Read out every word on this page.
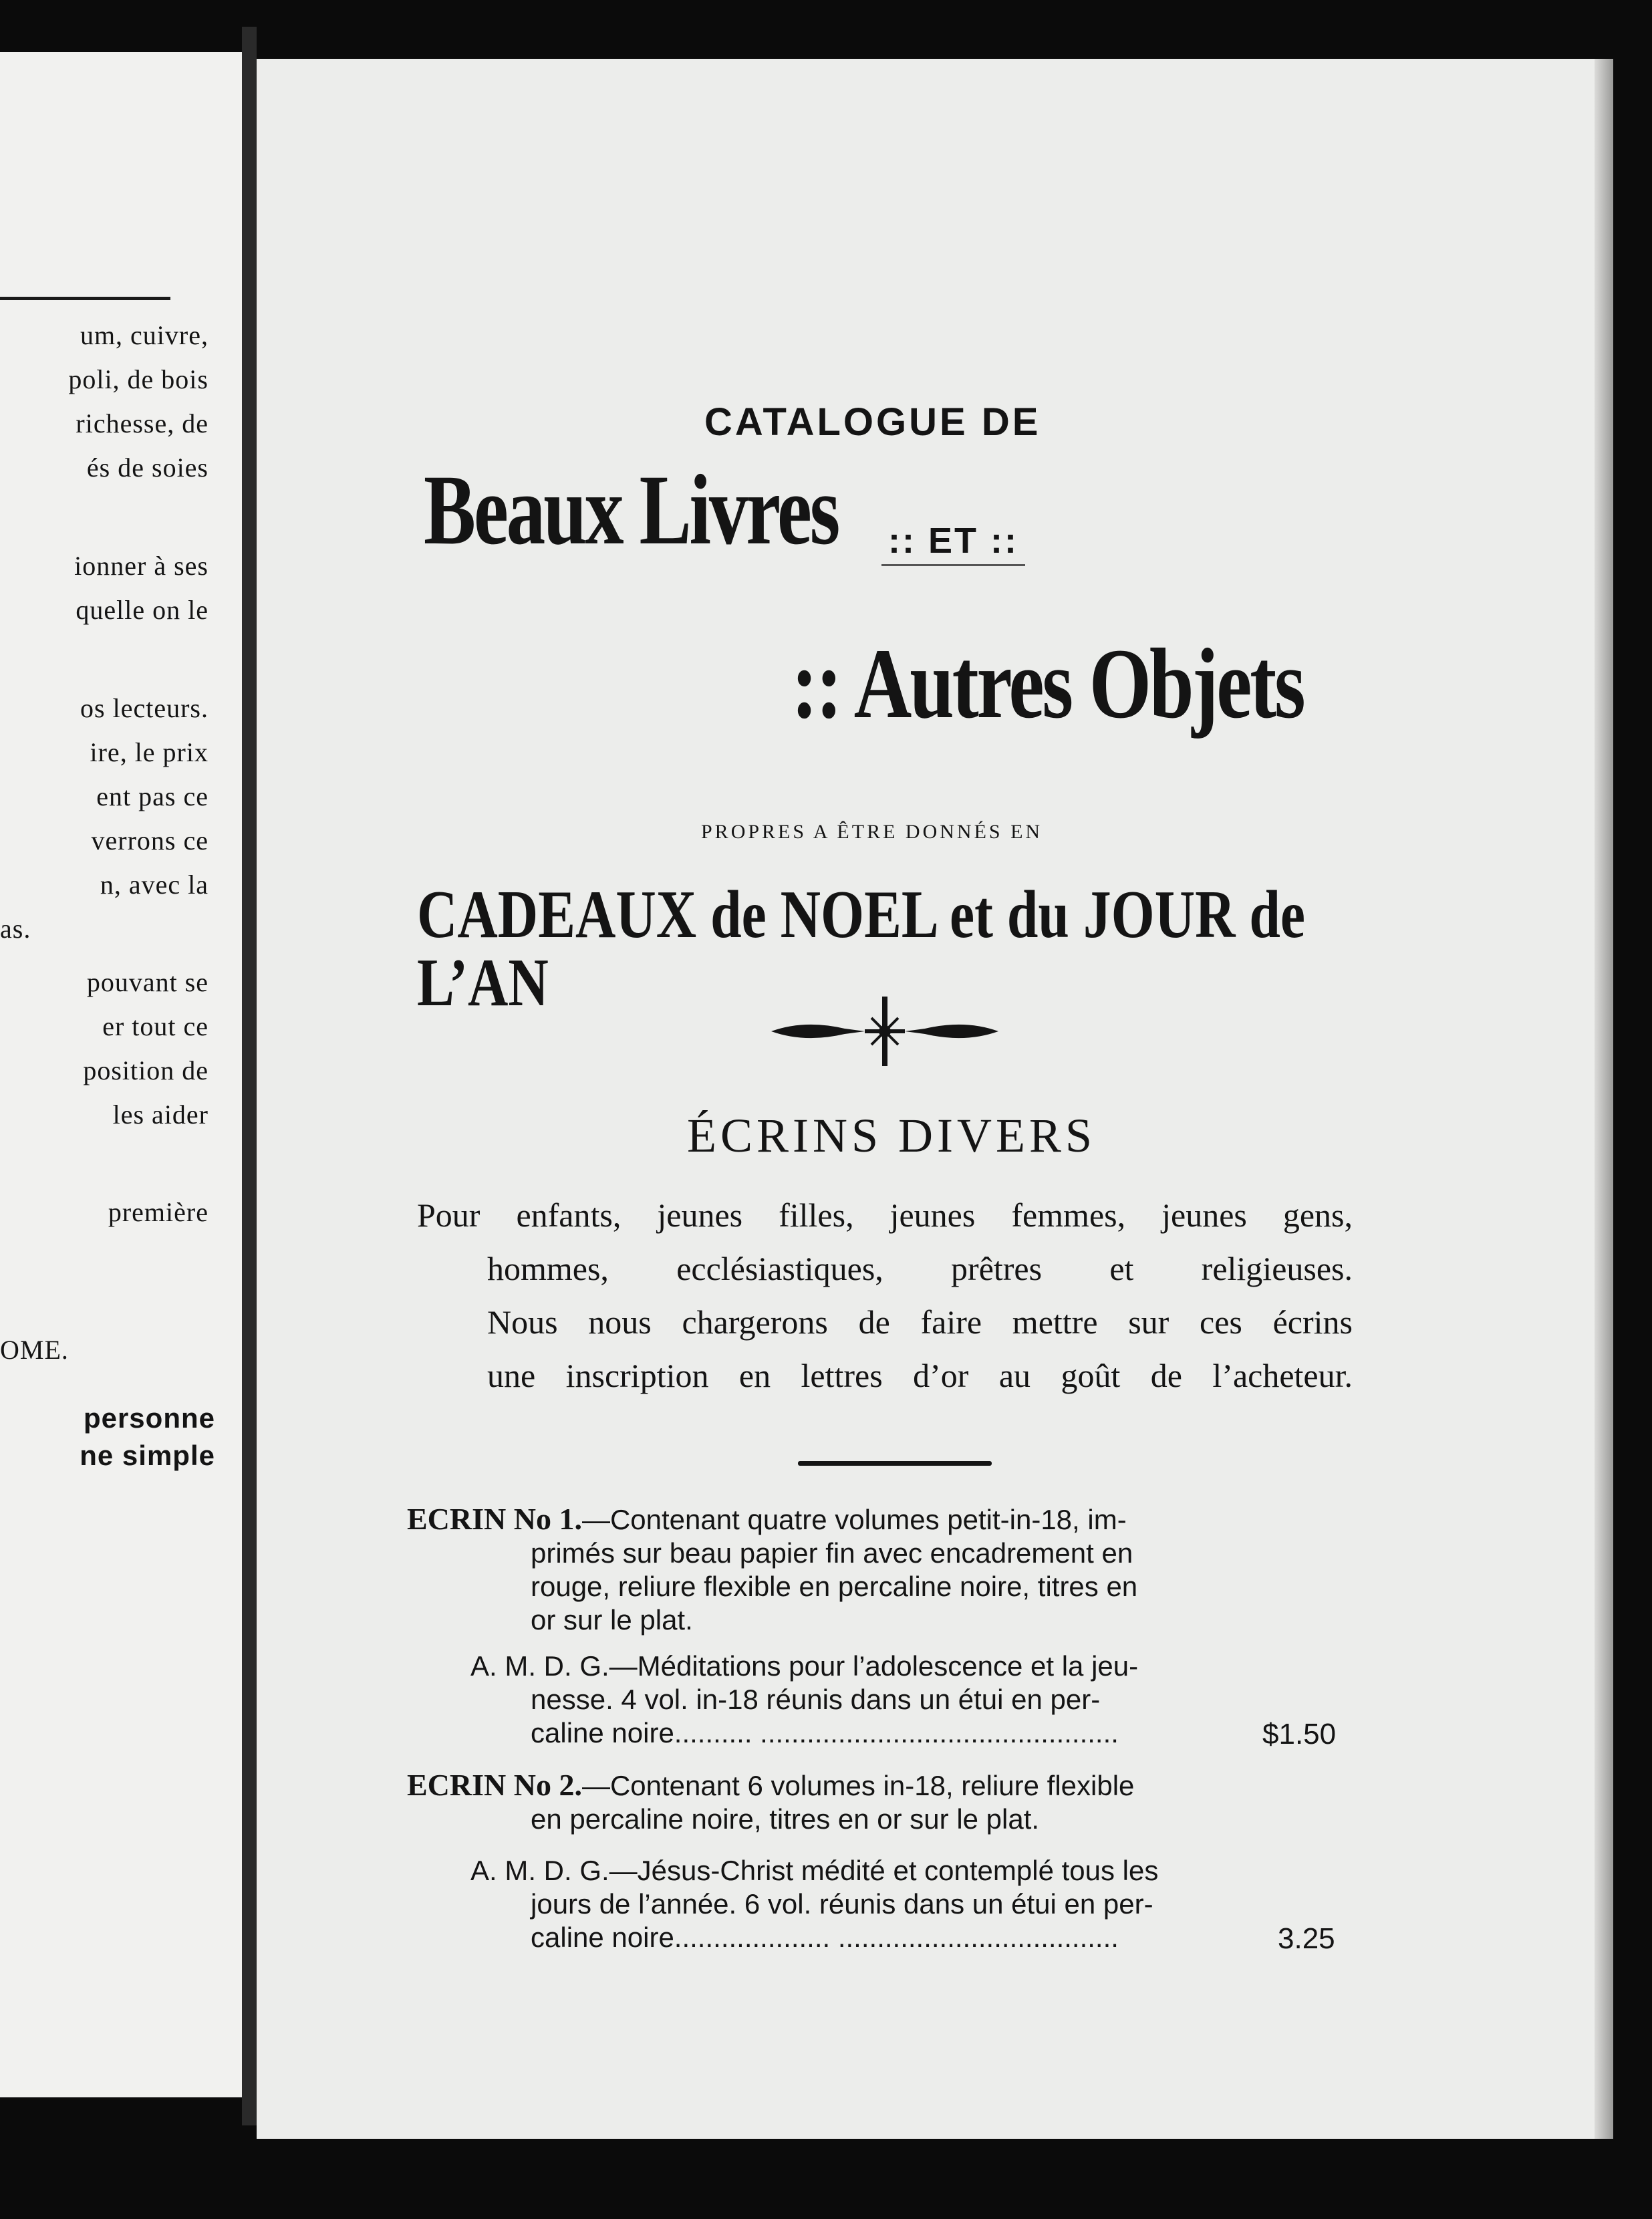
um, cuivre,
poli, de bois
richesse, de
és de soies
ionner à ses
quelle on le
os lecteurs.
ire, le prix
ent pas ce
verrons ce
n, avec la
as.
pouvant se
er tout ce
position de
les aider
première
OME.
personne
ne simple
CATALOGUE DE
Beaux Livres :: ET ::
:: Autres Objets
PROPRES A ÊTRE DONNÉS EN
CADEAUX de NOEL et du JOUR de L’AN
ÉCRINS DIVERS

Pour enfants, jeunes filles, jeunes femmes, jeunes gens,

hommes, ecclésiastiques, prêtres et religieuses.

Nous nous chargerons de faire mettre sur ces écrins

une inscription en lettres d’or au goût de l’acheteur.

ECRIN No 1.—Contenant quatre volumes petit-in-18, im-
primés sur beau papier fin avec encadrement en
rouge, reliure flexible en percaline noire, titres en
or sur le plat.
A. M. D. G.—Méditations pour l’adolescence et la jeu-
nesse. 4 vol. in-18 réunis dans un étui en per-
caline noire.......... ..............................................	$1.50
ECRIN No 2.—Contenant 6 volumes in-18, reliure flexible
en percaline noire, titres en or sur le plat.
A. M. D. G.—Jésus-Christ médité et contemplé tous les
jours de l’année. 6 vol. réunis dans un étui en per-
caline noire.................... ....................................	3.25
